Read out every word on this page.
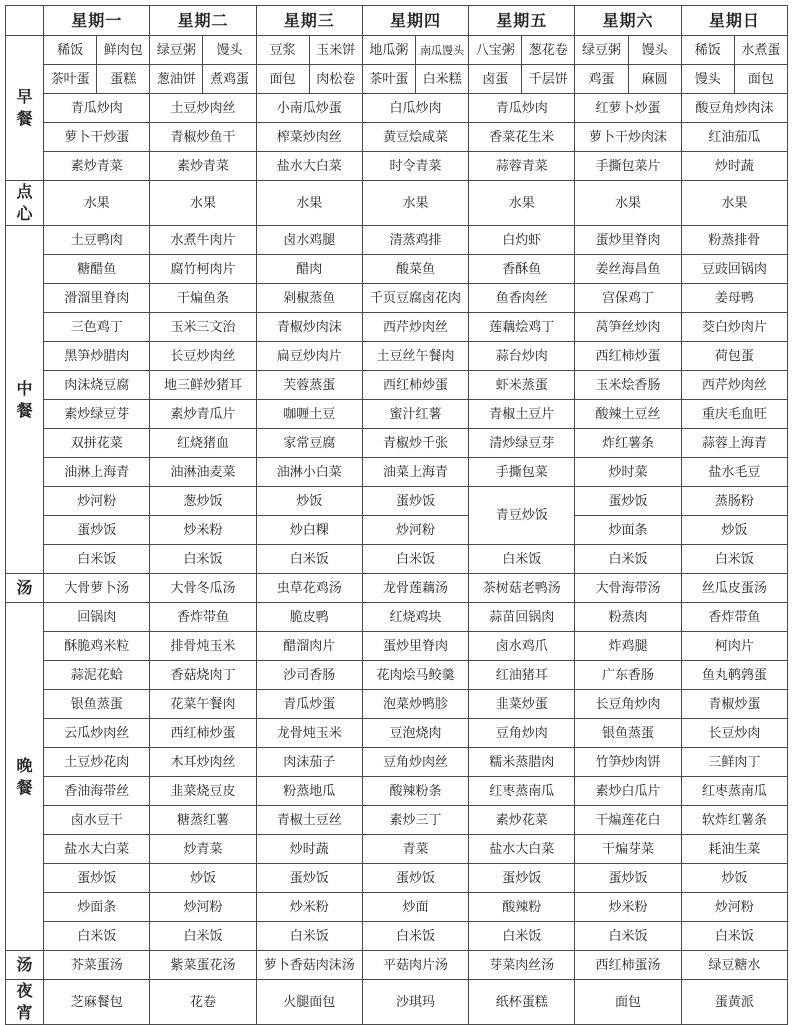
	星期一		星期二		星期三		星期四		星期五		星期六		星期日	

早餐	稀饭	鲜肉包	绿豆粥	馒头	豆浆	玉米饼	地瓜粥	南瓜馒头	八宝粥	葱花卷	绿豆粥	馒头	稀饭	水煮蛋
	茶叶蛋	蛋糕	葱油饼	煮鸡蛋	面包	肉松卷	茶叶蛋	白米糕	卤蛋	千层饼	鸡蛋	麻圆	馒头	面包
	青瓜炒肉		土豆炒肉丝		小南瓜炒蛋		白瓜炒肉		青瓜炒肉		红萝卜炒蛋		酸豆角炒肉沫	
	萝卜干炒蛋		青椒炒鱼干		榨菜炒肉丝		黄豆烩咸菜		香菜花生米		萝卜干炒肉沫		红油茄瓜	
	素炒青菜		素炒青菜		盐水大白菜		时令青菜		蒜蓉青菜		手撕包菜片		炒时蔬	

点心	水果		水果		水果		水果		水果		水果		水果	

中餐	土豆鸭肉		水煮牛肉片		卤水鸡腿		清蒸鸡排		白灼虾		蛋炒里脊肉		粉蒸排骨	
	糖醋鱼		腐竹柯肉片		醋肉		酸菜鱼		香酥鱼		姜丝海昌鱼		豆豉回锅肉	
	滑溜里脊肉		干煸鱼条		剁椒蒸鱼		千页豆腐卤花肉		鱼香肉丝		宫保鸡丁		姜母鸭	
	三色鸡丁		玉米三文治		青椒炒肉沫		西芹炒肉丝		莲藕烩鸡丁		莴笋丝炒肉		茭白炒肉片	
	黑笋炒腊肉		长豆炒肉丝		扁豆炒肉片		土豆丝午餐肉		蒜台炒肉		西红柿炒蛋		荷包蛋	
	肉沫烧豆腐		地三鲜炒猪耳		芙蓉蒸蛋		西红柿炒蛋		虾米蒸蛋		玉米烩香肠		西芹炒肉丝	
	素炒绿豆芽		素炒青瓜片		咖喱土豆		蜜汁红薯		青椒土豆片		酸辣土豆丝		重庆毛血旺	
	双拼花菜		红烧猪血		家常豆腐		青椒炒千张		清炒绿豆芽		炸红薯条		蒜蓉上海青	
	油淋上海青		油淋油麦菜		油淋小白菜		油菜上海青		手撕包菜		炒时菜		盐水毛豆	
	炒河粉		葱炒饭		炒饭		蛋炒饭		青豆炒饭		蛋炒饭		蒸肠粉	
	蛋炒饭		炒米粉		炒白粿		炒河粉				炒面条		炒饭	
	白米饭		白米饭		白米饭		白米饭		白米饭		白米饭		白米饭	

汤	大骨萝卜汤		大骨冬瓜汤		虫草花鸡汤		龙骨莲藕汤		茶树菇老鸭汤		大骨海带汤		丝瓜皮蛋汤	

晚餐	回锅肉		香炸带鱼		脆皮鸭		红烧鸡块		蒜苗回锅肉		粉蒸肉		香炸带鱼	
	酥脆鸡米粒		排骨炖玉米		醋溜肉片		蛋炒里脊肉		卤水鸡爪		炸鸡腿		柯肉片	
	蒜泥花蛤		香菇烧肉丁		沙司香肠		花肉烩马鲛羹		红油猪耳		广东香肠		鱼丸鹌鹑蛋	
	银鱼蒸蛋		花菜午餐肉		青瓜炒蛋		泡菜炒鸭胗		韭菜炒蛋		长豆角炒肉		青椒炒蛋	
	云瓜炒肉丝		西红柿炒蛋		龙骨炖玉米		豆泡烧肉		豆角炒肉		银鱼蒸蛋		长豆炒肉	
	土豆炒花肉		木耳炒肉丝		肉沫茄子		豆角炒肉丝		糯米蒸腊肉		竹笋炒肉饼		三鲜肉丁	
	香油海带丝		韭菜烧豆皮		粉蒸地瓜		酸辣粉条		红枣蒸南瓜		素炒白瓜片		红枣蒸南瓜	
	卤水豆干		糖蒸红薯		青椒土豆丝		素炒三丁		素炒花菜		干煸莲花白		软炸红薯条	
	盐水大白菜		炒青菜		炒时蔬		青菜		盐水大白菜		干煸芽菜		耗油生菜	
	蛋炒饭		炒饭		蛋炒饭		蛋炒饭		蛋炒饭		蛋炒饭		炒饭	
	炒面条		炒河粉		炒米粉		炒面		酸辣粉		炒米粉		炒河粉	
	白米饭		白米饭		白米饭		白米饭		白米饭		白米饭		白米饭	

汤	芥菜蛋汤		紫菜蛋花汤		萝卜香菇肉沫汤		平菇肉片汤		芽菜肉丝汤		西红柿蛋汤		绿豆糖水	

夜宵	芝麻餐包		花卷		火腿面包		沙琪玛		纸杯蛋糕		面包		蛋黄派	
